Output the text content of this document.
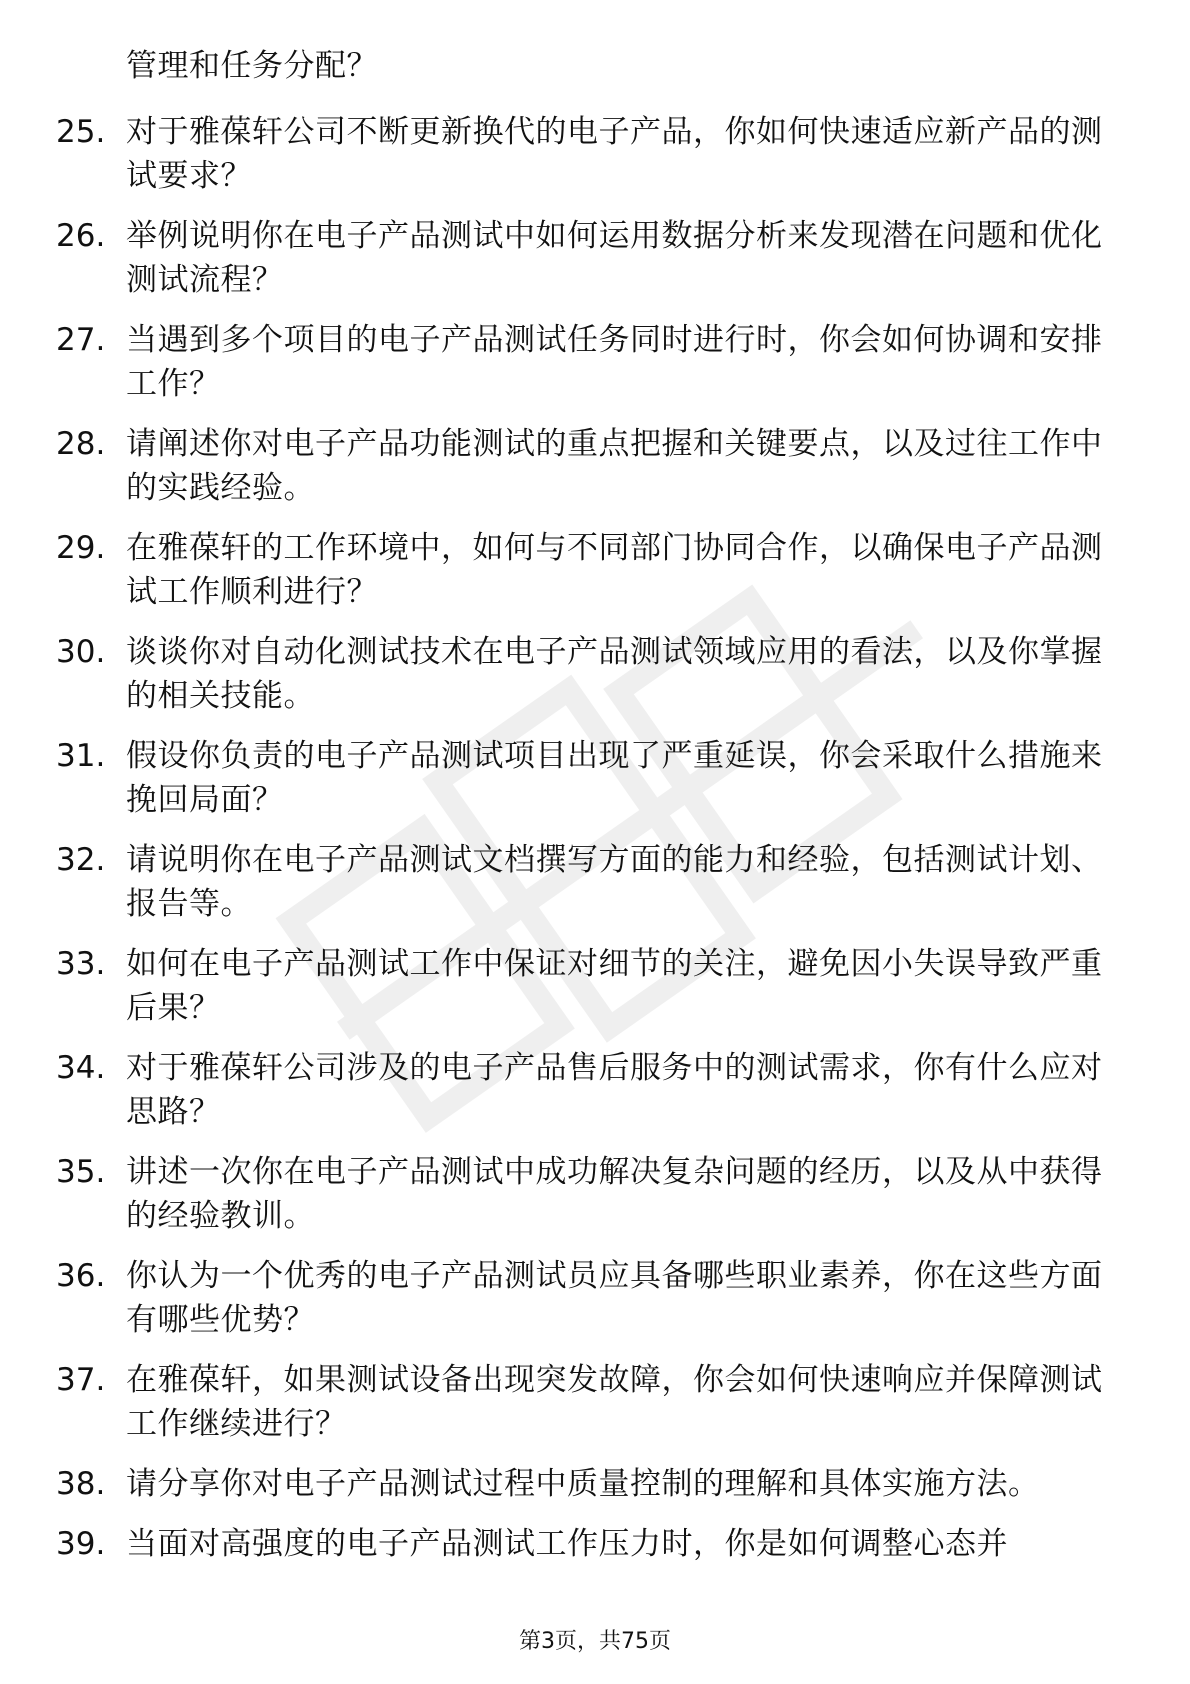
管理和任务分配？
25. 对于雅葆轩公司不断更新换代的电子产品，你如何快速适应新产品的测试要求？
26. 举例说明你在电子产品测试中如何运用数据分析来发现潜在问题和优化测试流程？
27. 当遇到多个项目的电子产品测试任务同时进行时，你会如何协调和安排工作？
28. 请阐述你对电子产品功能测试的重点把握和关键要点，以及过往工作中的实践经验。
29. 在雅葆轩的工作环境中，如何与不同部门协同合作，以确保电子产品测试工作顺利进行？
30. 谈谈你对自动化测试技术在电子产品测试领域应用的看法，以及你掌握的相关技能。
31. 假设你负责的电子产品测试项目出现了严重延误，你会采取什么措施来挽回局面？
32. 请说明你在电子产品测试文档撰写方面的能力和经验，包括测试计划、报告等。
33. 如何在电子产品测试工作中保证对细节的关注，避免因小失误导致严重后果？
34. 对于雅葆轩公司涉及的电子产品售后服务中的测试需求，你有什么应对思路？
35. 讲述一次你在电子产品测试中成功解决复杂问题的经历，以及从中获得的经验教训。
36. 你认为一个优秀的电子产品测试员应具备哪些职业素养，你在这些方面有哪些优势？
37. 在雅葆轩，如果测试设备出现突发故障，你会如何快速响应并保障测试工作继续进行？
38. 请分享你对电子产品测试过程中质量控制的理解和具体实施方法。
39. 当面对高强度的电子产品测试工作压力时，你是如何调整心态并
第3页，共75页
